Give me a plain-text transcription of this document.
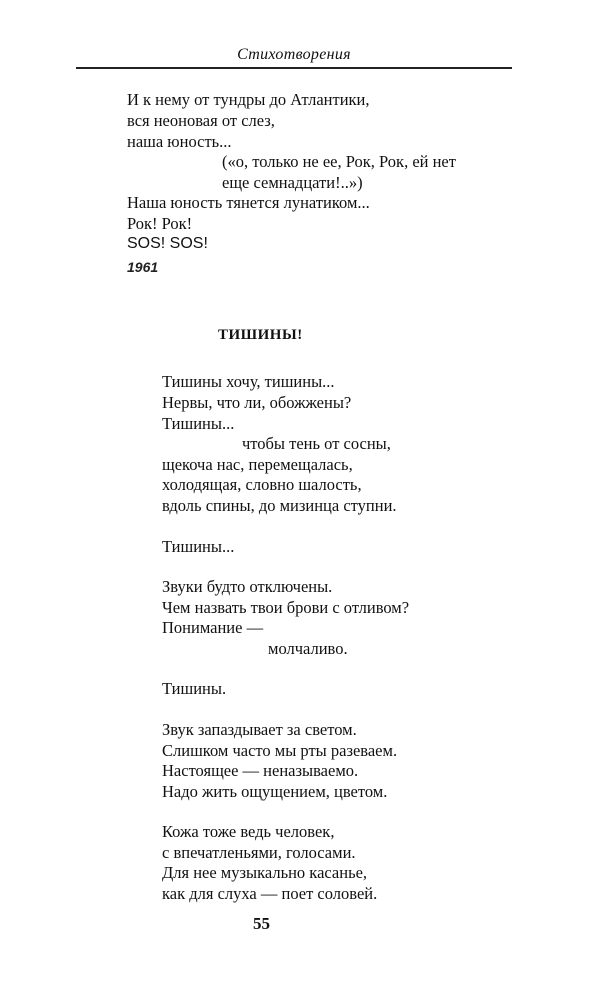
Стихотворения
И к нему от тундры до Атлантики,
вся неоновая от слез,
наша юность...
(«о, только не ее, Рок, Рок, ей нет
еще семнадцати!..»)
Наша юность тянется лунатиком...
Рок! Рок!
SOS! SOS!
1961
ТИШИНЫ!
Тишины хочу, тишины...
Нервы, что ли, обожжены?
Тишины...
чтобы тень от сосны,
щекоча нас, перемещалась,
холодящая, словно шалость,
вдоль спины, до мизинца ступни.
Тишины...
Звуки будто отключены.
Чем назвать твои брови с отливом?
Понимание —
молчаливо.
Тишины.
Звук запаздывает за светом.
Слишком часто мы рты разеваем.
Настоящее — неназываемо.
Надо жить ощущением, цветом.
Кожа тоже ведь человек,
с впечатленьями, голосами.
Для нее музыкально касанье,
как для слуха — поет соловей.
55
